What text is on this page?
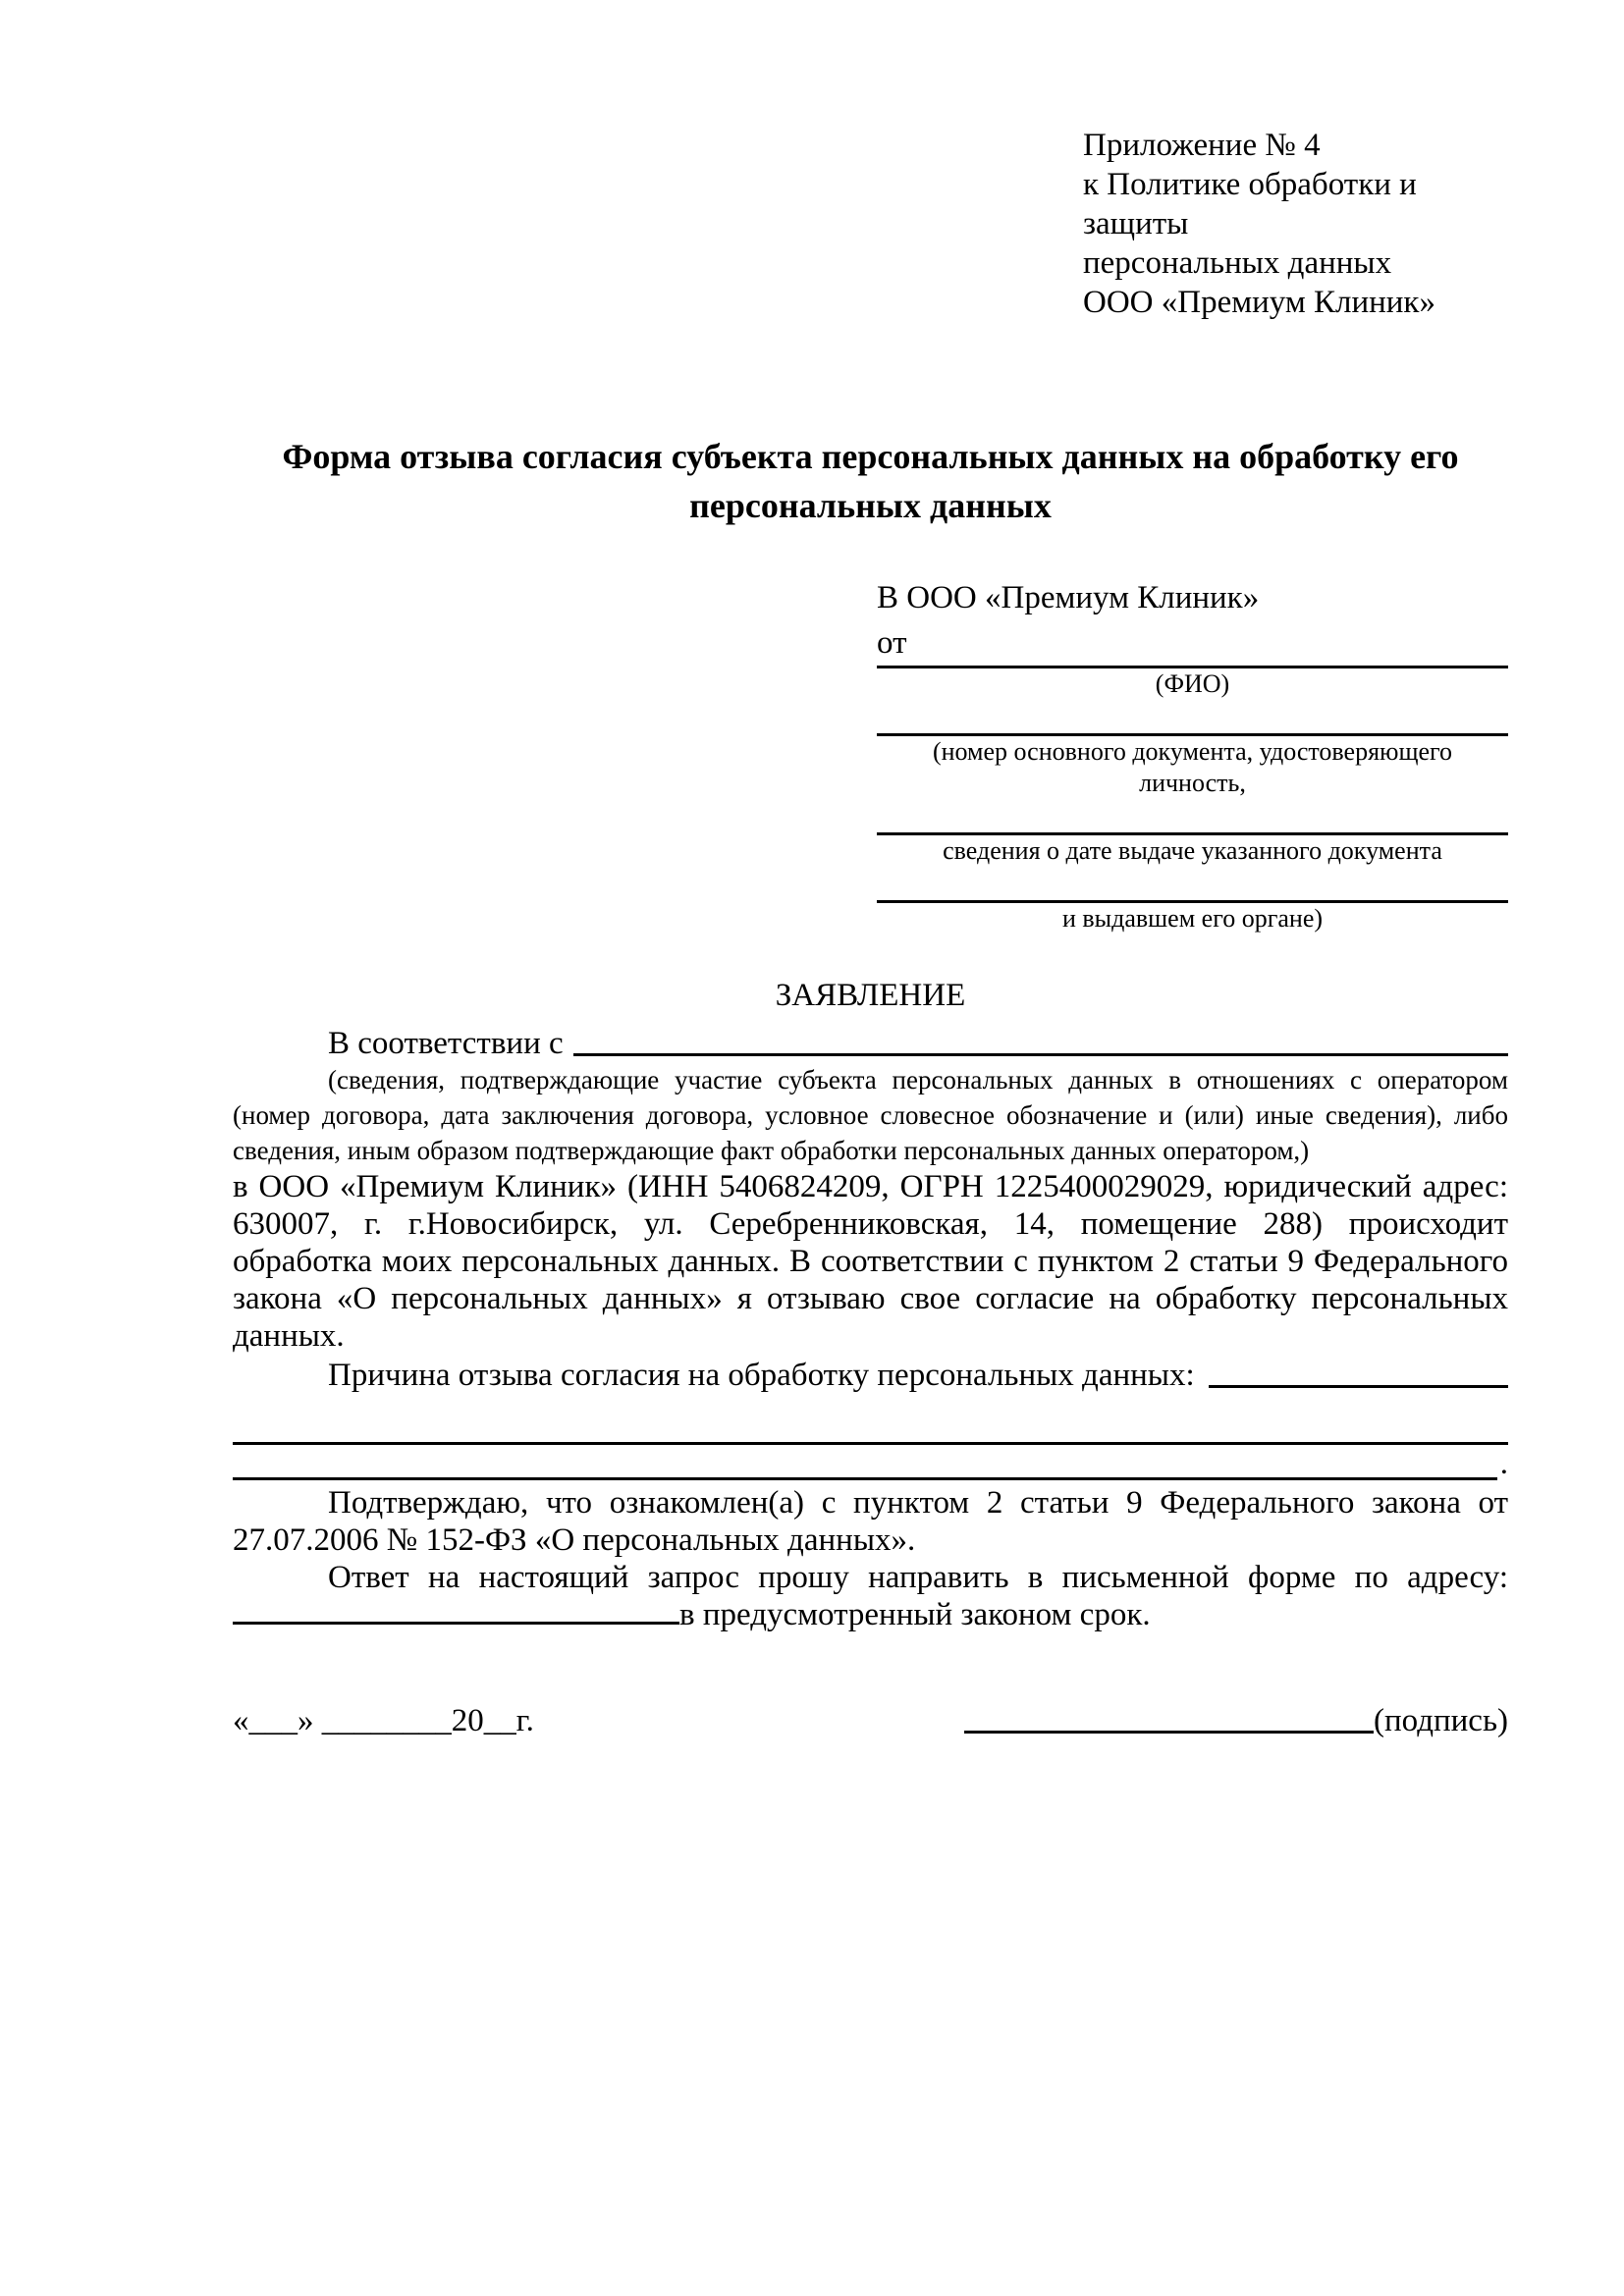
Приложение № 4
к Политике обработки и защиты
персональных данных
ООО «Премиум Клиник»
Форма отзыва согласия субъекта персональных данных на обработку его персональных данных
В ООО «Премиум Клиник»
от
(ФИО)
(номер основного документа, удостоверяющего личность,
сведения о дате выдаче указанного документа
и выдавшем его органе)
ЗАЯВЛЕНИЕ
В соответствии с
(сведения, подтверждающие участие субъекта персональных данных в отношениях с оператором (номер договора, дата заключения договора, условное словесное обозначение и (или) иные сведения), либо сведения, иным образом подтверждающие факт обработки персональных данных оператором,)
в ООО «Премиум Клиник» (ИНН 5406824209, ОГРН 1225400029029, юридический адрес: 630007, г. г.Новосибирск, ул. Серебренниковская, 14, помещение 288) происходит обработка моих персональных данных. В соответствии с пунктом 2 статьи 9 Федерального закона «О персональных данных» я отзываю свое согласие на обработку персональных данных.
Причина отзыва согласия на обработку персональных данных:
.
Подтверждаю, что ознакомлен(а) с пунктом 2 статьи 9 Федерального закона от 27.07.2006 № 152-ФЗ «О персональных данных».
Ответ на настоящий запрос прошу направить в письменной форме по адресу: в предусмотренный законом срок.
«___» ________20__г.	(подпись)
